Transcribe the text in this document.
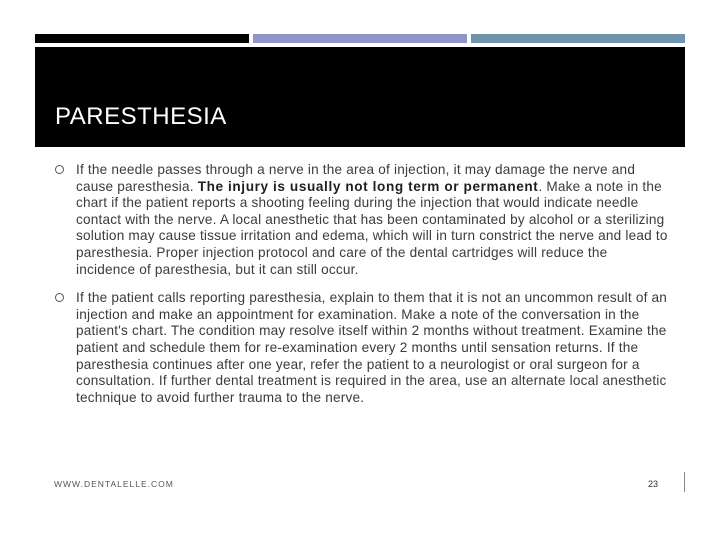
PARESTHESIA

If the needle passes through a nerve in the area of injection, it may damage the nerve and cause paresthesia. The injury is usually not long term or permanent. Make a note in the chart if the patient reports a shooting feeling during the injection that would indicate needle contact with the nerve. A local anesthetic that has been contaminated by alcohol or a sterilizing solution may cause tissue irritation and edema, which will in turn constrict the nerve and lead to paresthesia. Proper injection protocol and care of the dental cartridges will reduce the incidence of paresthesia, but it can still occur.

If the patient calls reporting paresthesia, explain to them that it is not an uncommon result of an injection and make an appointment for examination. Make a note of the conversation in the patient's chart. The condition may resolve itself within 2 months without treatment. Examine the patient and schedule them for re-examination every 2 months until sensation returns. If the paresthesia continues after one year, refer the patient to a neurologist or oral surgeon for a consultation. If further dental treatment is required in the area, use an alternate local anesthetic technique to avoid further trauma to the nerve.

WWW.DENTALELLE.COM	23
